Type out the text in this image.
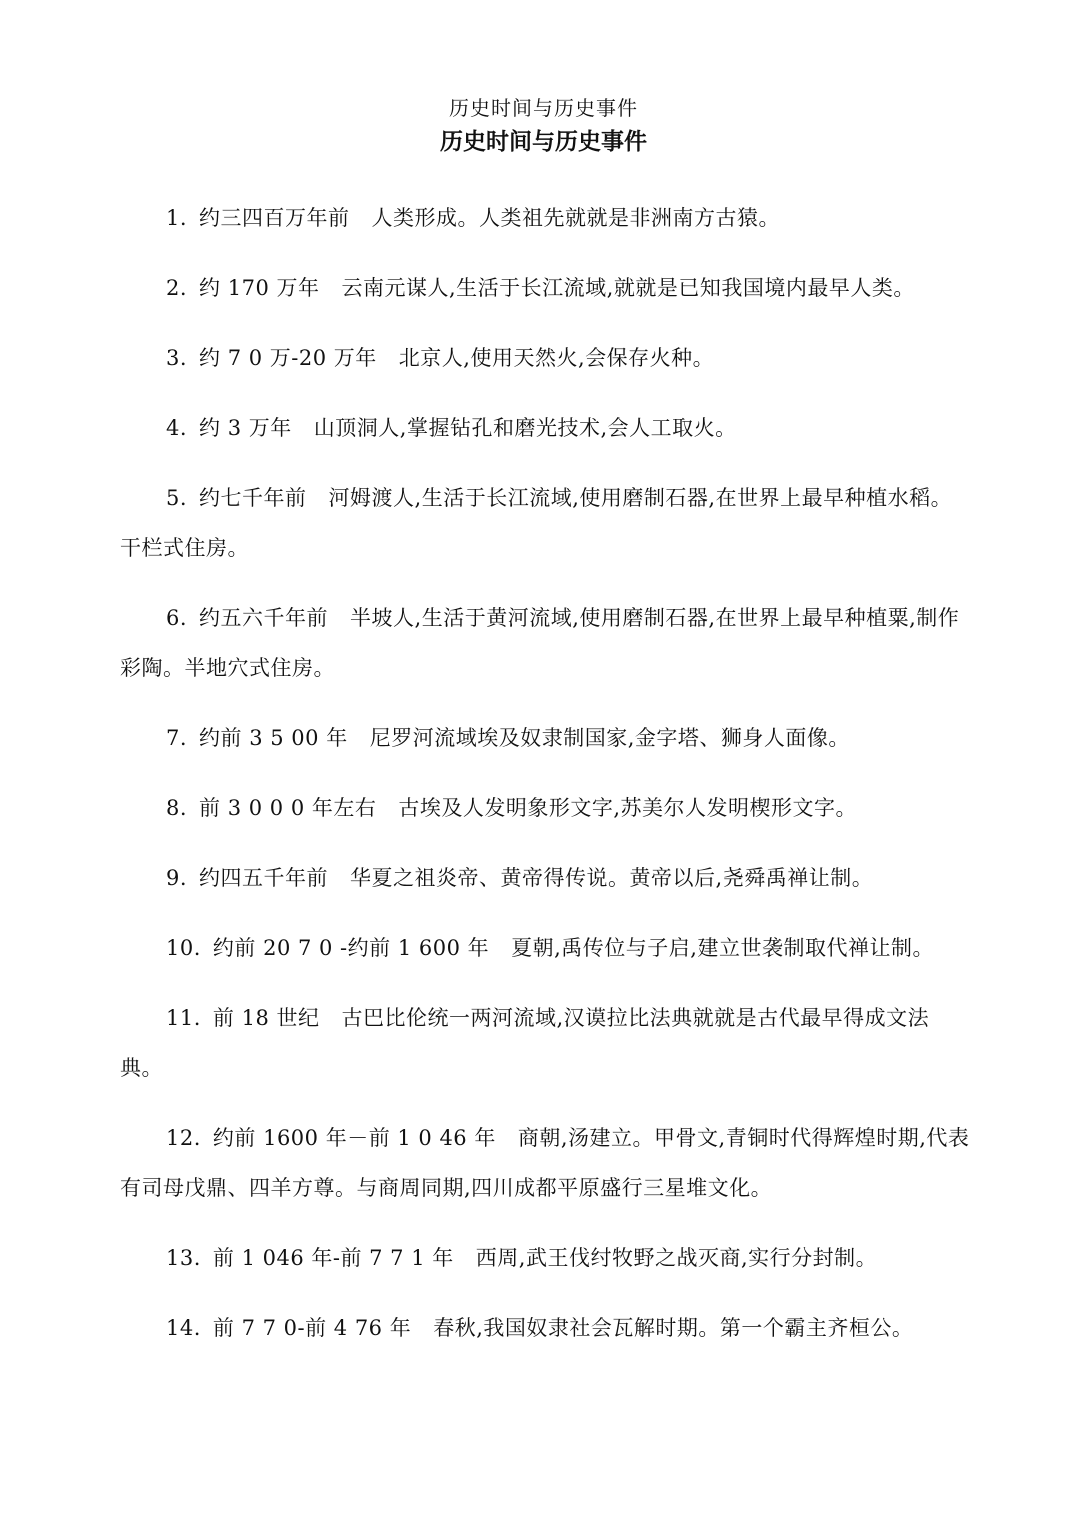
历史时间与历史事件
历史时间与历史事件

1. 约三四百万年前 人类形成。人类祖先就就是非洲南方古猿。

2. 约 170 万年 云南元谋人,生活于长江流域,就就是已知我国境内最早人类。

3. 约 7 0 万-20 万年 北京人,使用天然火,会保存火种。

4. 约 3 万年 山顶洞人,掌握钻孔和磨光技术,会人工取火。

5. 约七千年前 河姆渡人,生活于长江流域,使用磨制石器,在世界上最早种植水稻。干栏式住房。

6. 约五六千年前 半坡人,生活于黄河流域,使用磨制石器,在世界上最早种植粟,制作彩陶。半地穴式住房。

7. 约前 3 5 00 年 尼罗河流域埃及奴隶制国家,金字塔、狮身人面像。

8. 前 3 0 0 0 年左右 古埃及人发明象形文字,苏美尔人发明楔形文字。

9. 约四五千年前 华夏之祖炎帝、黄帝得传说。黄帝以后,尧舜禹禅让制。

10. 约前 20 7 0 -约前 1 600 年 夏朝,禹传位与子启,建立世袭制取代禅让制。

11. 前 18 世纪 古巴比伦统一两河流域,汉谟拉比法典就就是古代最早得成文法典。

12. 约前 1600 年－前 1 0 46 年 商朝,汤建立。甲骨文,青铜时代得辉煌时期,代表有司母戊鼎、四羊方尊。与商周同期,四川成都平原盛行三星堆文化。

13. 前 1 046 年-前 7 7 1 年 西周,武王伐纣牧野之战灭商,实行分封制。

14. 前 7 7 0-前 4 76 年 春秋,我国奴隶社会瓦解时期。第一个霸主齐桓公。
